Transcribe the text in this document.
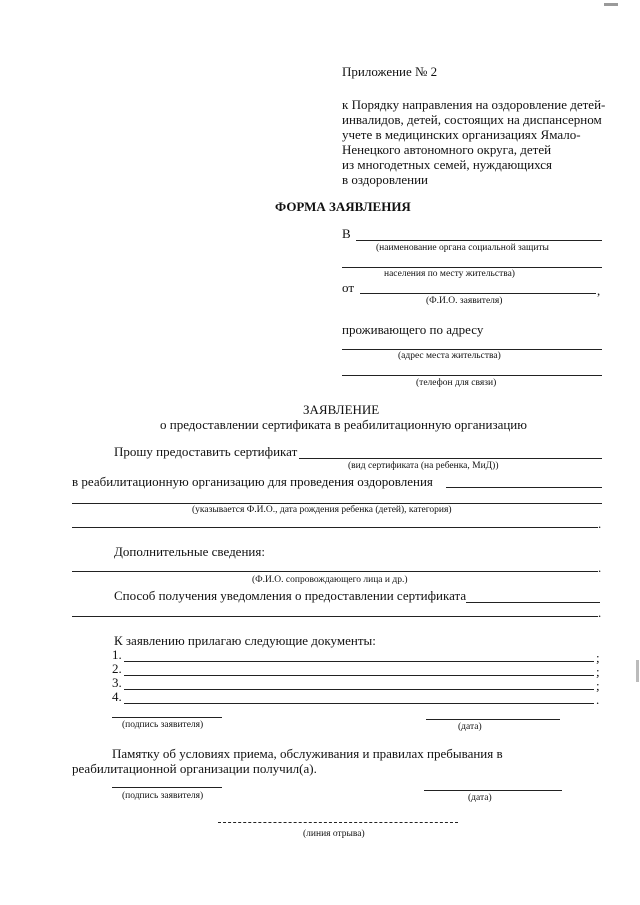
Приложение № 2
к Порядку направления на оздоровление детей-
инвалидов, детей, состоящих на диспансерном
учете в медицинских организациях Ямало-
Ненецкого автономного округа, детей
из многодетных семей, нуждающихся
в оздоровлении
ФОРМА ЗАЯВЛЕНИЯ
В
(наименование органа социальной защиты
населения по месту жительства)
от	,
(Ф.И.О. заявителя)
проживающего по адресу
(адрес места жительства)
(телефон для связи)
ЗАЯВЛЕНИЕ
о предоставлении сертификата в реабилитационную организацию
Прошу предоставить сертификат
(вид сертификата (на ребенка, МиД))
в реабилитационную организацию для проведения оздоровления
(указывается Ф.И.О., дата рождения ребенка (детей), категория)
.
Дополнительные сведения:
.
(Ф.И.О. сопровождающего лица и др.)
Способ получения уведомления о предоставлении сертификата
.
К заявлению прилагаю следующие документы:
1.	;
2.	;
3.	;
4.	.
(подпись заявителя)	(дата)
Памятку об условиях приема, обслуживания и правилах пребывания в
реабилитационной организации получил(а).
(подпись заявителя)	(дата)
(линия отрыва)
